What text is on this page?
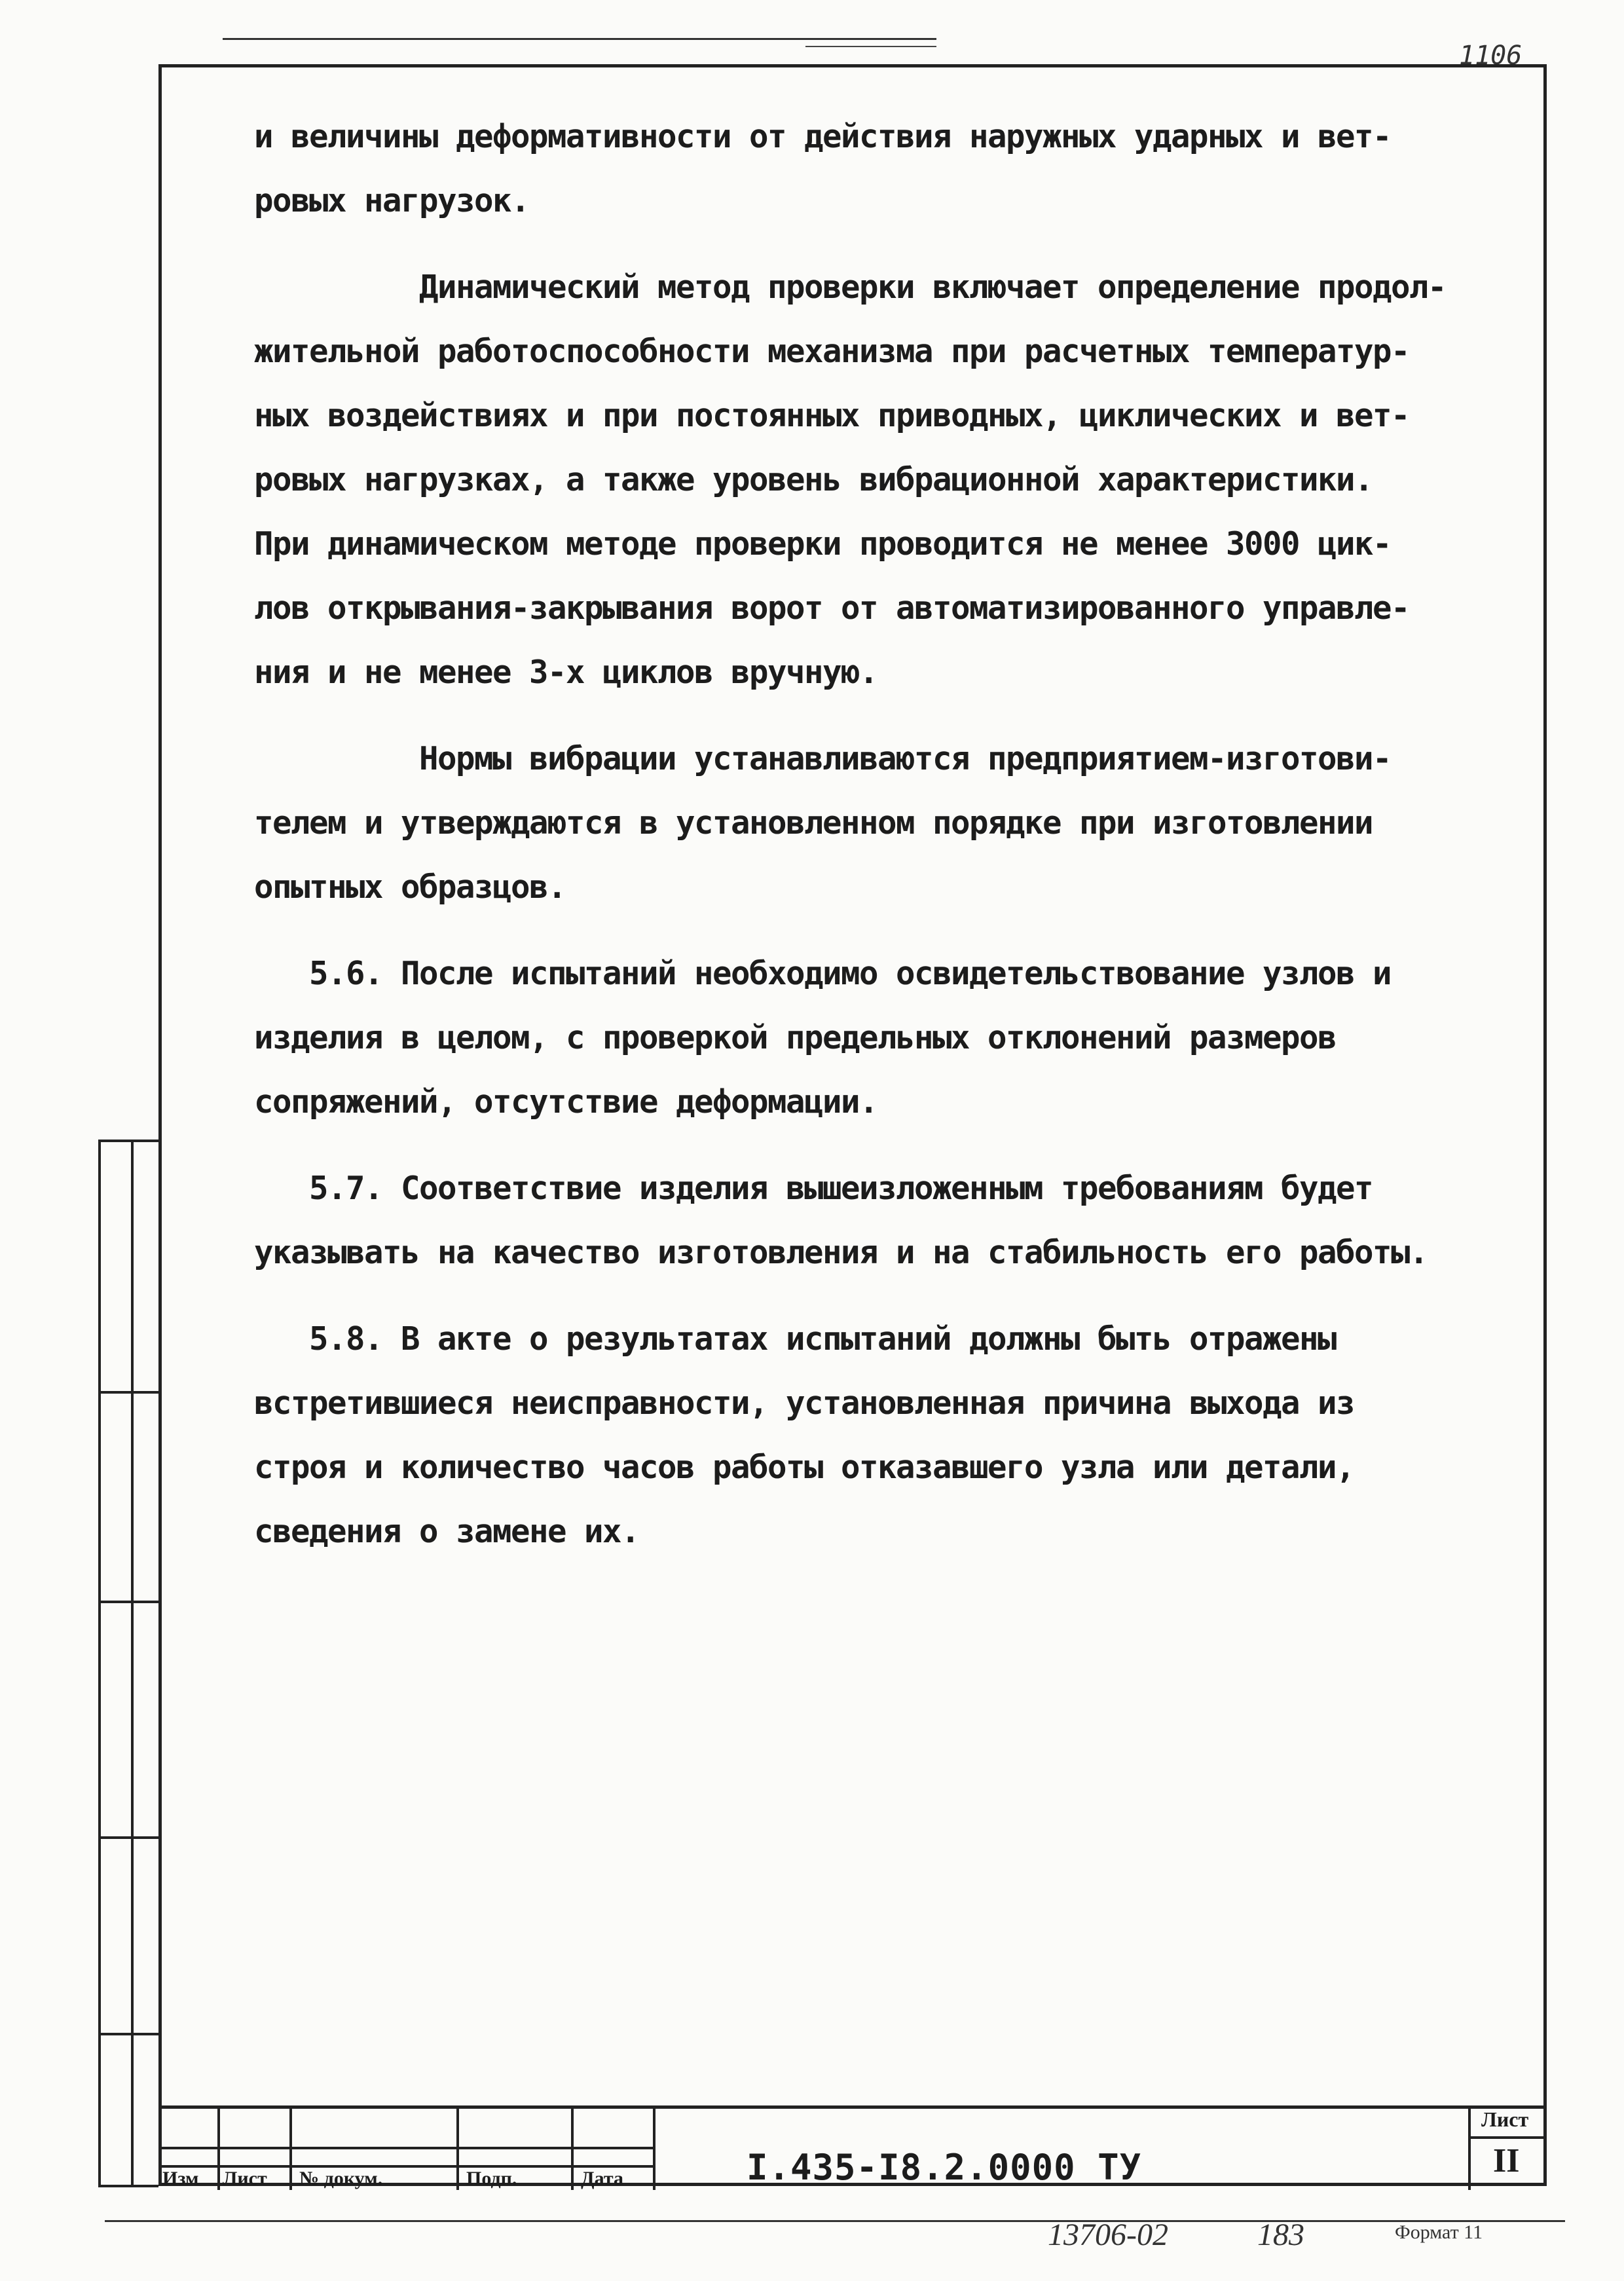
1106
и величины деформативности от действия наружных ударных и вет-
ровых нагрузок.
Динамический метод проверки включает определение продол-
жительной работоспособности механизма при расчетных температур-
ных воздействиях и при постоянных приводных, циклических и вет-
ровых нагрузках, а также уровень вибрационной характеристики.
При динамическом методе проверки проводится не менее 3000 цик-
лов открывания-закрывания ворот от автоматизированного управле-
ния и не менее 3-х циклов вручную.
Нормы вибрации устанавливаются предприятием-изготови-
телем и утверждаются в установленном порядке при изготовлении
опытных образцов.
5.6. После испытаний необходимо освидетельствование узлов и
изделия в целом, с проверкой предельных отклонений размеров
сопряжений, отсутствие деформации.
5.7. Соответствие изделия вышеизложенным требованиям будет
указывать на качество изготовления и на стабильность его работы.
5.8. В акте о результатах испытаний должны быть отражены
встретившиеся неисправности, установленная причина выхода из
строя и количество часов работы отказавшего узла или детали,
сведения о замене их.
Изм Лист № докум.	Подп.	Дата	I.435-I8.2.0000 ТУ
Лист
II
13706-02	183	Формат 11
